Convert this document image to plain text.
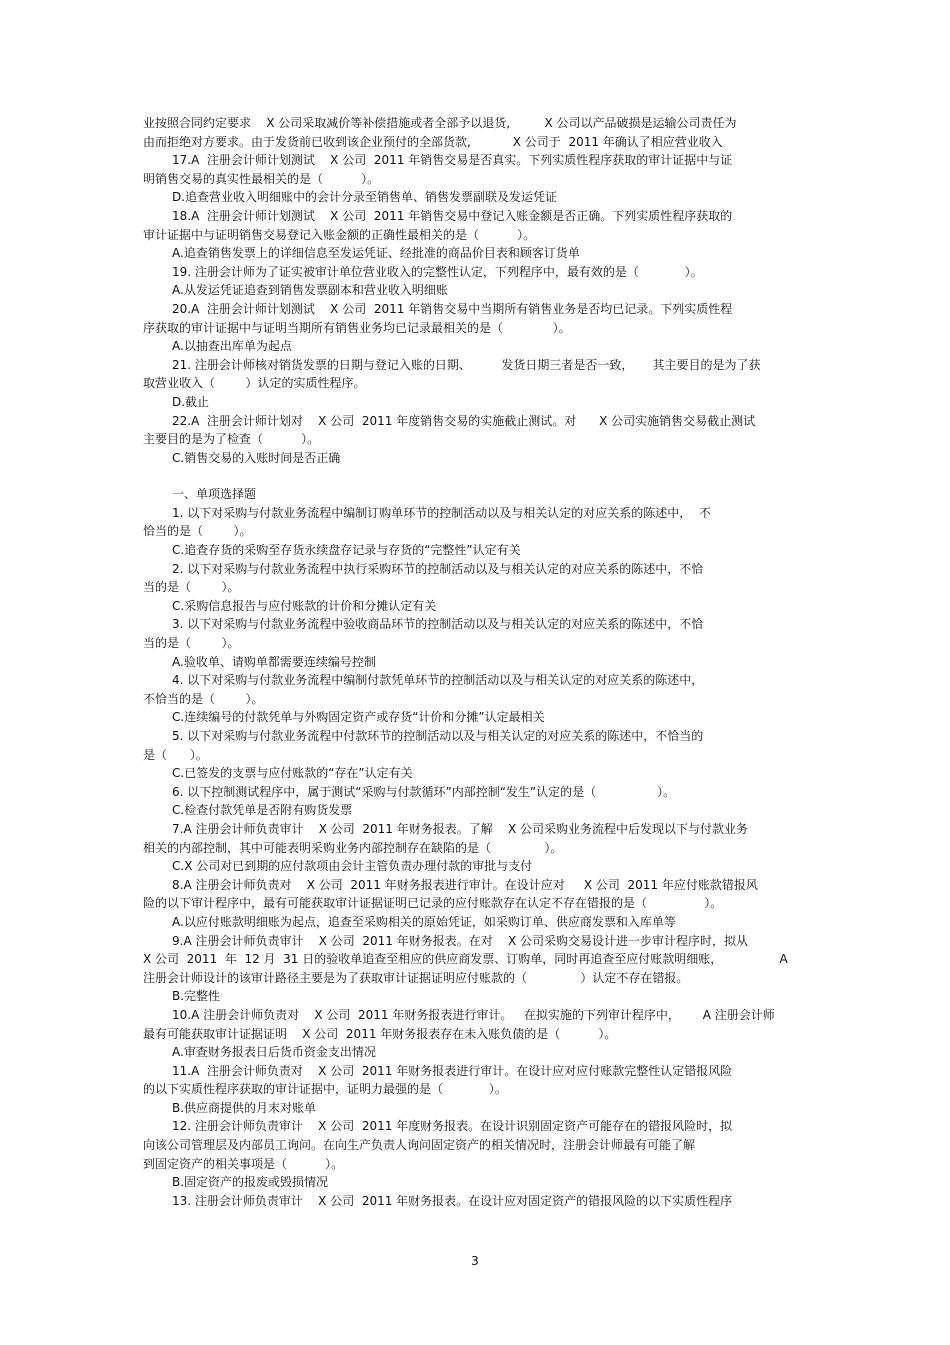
业按照合同约定要求    X 公司采取减价等补偿措施或者全部予以退货,         X 公司以产品破损是运输公司责任为
由而拒绝对方要求。由于发货前已收到该企业预付的全部货款,           X 公司于  2011 年确认了相应营业收入
17.A  注册会计师计划测试    X 公司  2011 年销售交易是否真实。下列实质性程序获取的审计证据中与证
明销售交易的真实性最相关的是（          ）。
D.追查营业收入明细账中的会计分录至销售单、销售发票副联及发运凭证
18.A  注册会计师计划测试    X 公司  2011 年销售交易中登记入账金额是否正确。下列实质性程序获取的
审计证据中与证明销售交易登记入账金额的正确性最相关的是（          ）。
A.追查销售发票上的详细信息至发运凭证、经批准的商品价目表和顾客订货单
19. 注册会计师为了证实被审计单位营业收入的完整性认定，下列程序中，最有效的是（            ）。
A.从发运凭证追查到销售发票副本和营业收入明细账
20.A  注册会计师计划测试    X 公司  2011 年销售交易中当期所有销售业务是否均已记录。下列实质性程
序获取的审计证据中与证明当期所有销售业务均已记录最相关的是（             ）。
A.以抽查出库单为起点
21. 注册会计师核对销货发票的日期与登记入账的日期、        发货日期三者是否一致，     其主要目的是为了获
取营业收入（        ）认定的实质性程序。
D.截止
22.A  注册会计师计划对    X 公司  2011 年度销售交易的实施截止测试。对      X 公司实施销售交易截止测试
主要目的是为了检查（          ）。
C.销售交易的入账时间是否正确
一、单项选择题
1. 以下对采购与付款业务流程中编制订购单环节的控制活动以及与相关认定的对应关系的陈述中，  不
恰当的是（        ）。
C.追查存货的采购至存货永续盘存记录与存货的“完整性”认定有关
2. 以下对采购与付款业务流程中执行采购环节的控制活动以及与相关认定的对应关系的陈述中，不恰
当的是（        ）。
C.采购信息报告与应付账款的计价和分摊认定有关
3. 以下对采购与付款业务流程中验收商品环节的控制活动以及与相关认定的对应关系的陈述中，不恰
当的是（        ）。
A.验收单、请购单都需要连续编号控制
4. 以下对采购与付款业务流程中编制付款凭单环节的控制活动以及与相关认定的对应关系的陈述中，
不恰当的是（        ）。
C.连续编号的付款凭单与外购固定资产或存货“计价和分摊”认定最相关
5. 以下对采购与付款业务流程中付款环节的控制活动以及与相关认定的对应关系的陈述中，不恰当的
是（      ）。
C.已签发的支票与应付账款的“存在”认定有关
6. 以下控制测试程序中，属于测试“采购与付款循环”内部控制“发生”认定的是（                ）。
C.检查付款凭单是否附有购货发票
7.A 注册会计师负责审计    X 公司  2011 年财务报表。了解    X 公司采购业务流程中后发现以下与付款业务
相关的内部控制，其中可能表明采购业务内部控制存在缺陷的是（              ）。
C.X 公司对已到期的应付款项由会计主管负责办理付款的审批与支付
8.A 注册会计师负责对    X 公司  2011 年财务报表进行审计。在设计应对     X 公司  2011 年应付账款错报风
险的以下审计程序中，最有可能获取审计证据证明已记录的应付账款存在认定不存在错报的是（               ）。
A.以应付账款明细账为起点，追查至采购相关的原始凭证，如采购订单、供应商发票和入库单等
9.A 注册会计师负责审计    X 公司  2011 年财务报表。在对    X 公司采购交易设计进一步审计程序时，拟从
X 公司  2011  年  12 月  31 日的验收单追查至相应的供应商发票、订购单，同时再追查至应付账款明细账，               A
注册会计师设计的该审计路径主要是为了获取审计证据证明应付账款的（              ）认定不存在错报。
B.完整性
10.A 注册会计师负责对    X 公司  2011 年财务报表进行审计。   在拟实施的下列审计程序中，      A 注册会计师
最有可能获取审计证据证明    X 公司  2011 年财务报表存在未入账负债的是（          ）。
A.审查财务报表日后货币资金支出情况
11.A  注册会计师负责对    X 公司  2011 年财务报表进行审计。在设计应对应付账款完整性认定错报风险
的以下实质性程序获取的审计证据中，证明力最强的是（            ）。
B.供应商提供的月末对账单
12. 注册会计师负责审计    X 公司  2011 年度财务报表。在设计识别固定资产可能存在的错报风险时，拟
向该公司管理层及内部员工询问。在向生产负责人询问固定资产的相关情况时，注册会计师最有可能了解
到固定资产的相关事项是（          ）。
B.固定资产的报废或毁损情况
13. 注册会计师负责审计    X 公司  2011 年财务报表。在设计应对固定资产的错报风险的以下实质性程序
3
